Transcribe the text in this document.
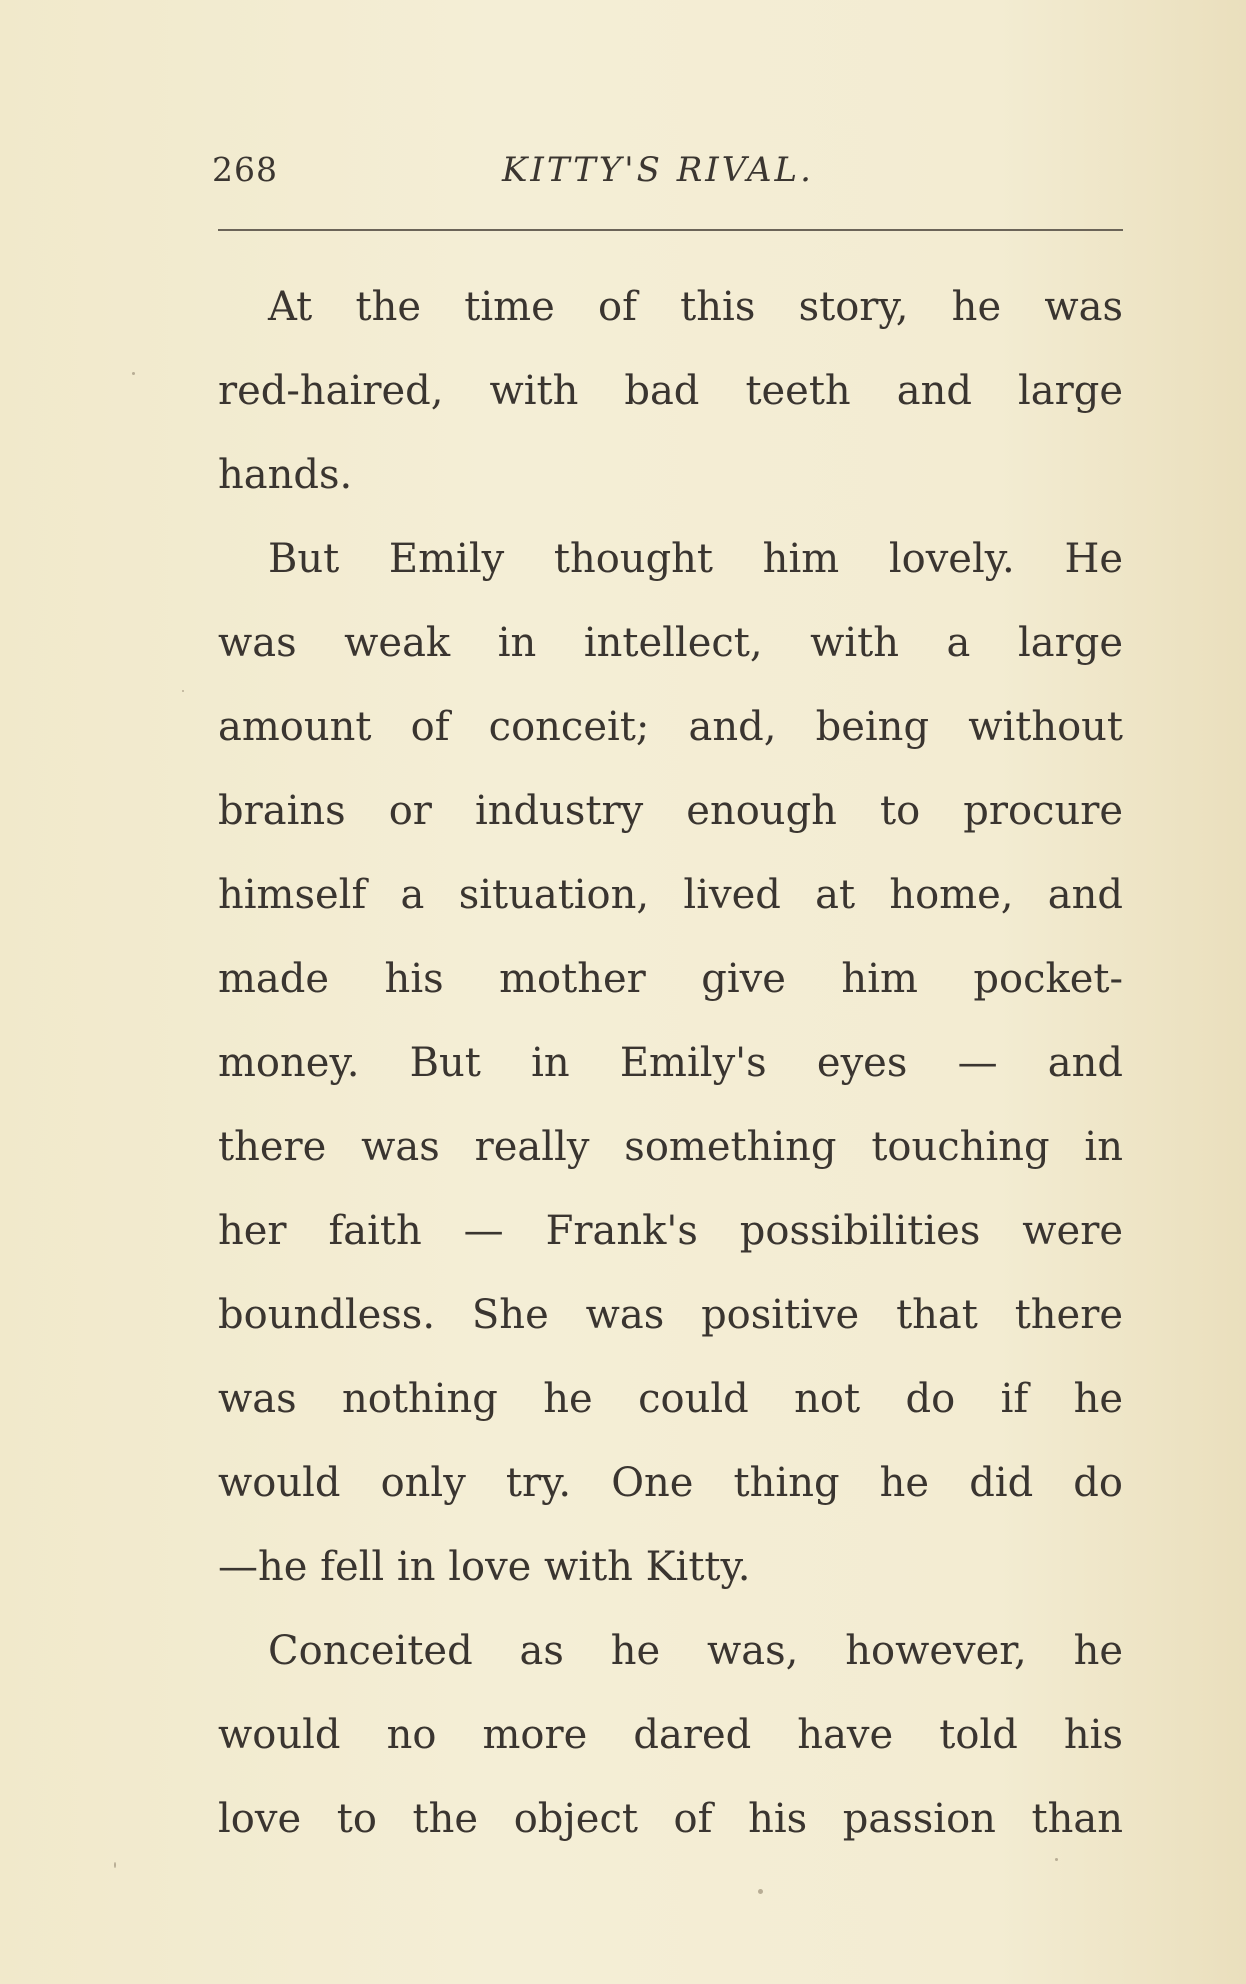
268	KITTY'S RIVAL.
At the time of this story, he was
red-haired, with bad teeth and large
hands.
But Emily thought him lovely. He
was weak in intellect, with a large
amount of conceit; and, being without
brains or industry enough to procure
himself a situation, lived at home, and
made his mother give him pocket-
money. But in Emily's eyes — and
there was really something touching in
her faith — Frank's possibilities were
boundless. She was positive that there
was nothing he could not do if he
would only try. One thing he did do
—he fell in love with Kitty.
Conceited as he was, however, he
would no more dared have told his
love to the object of his passion than
